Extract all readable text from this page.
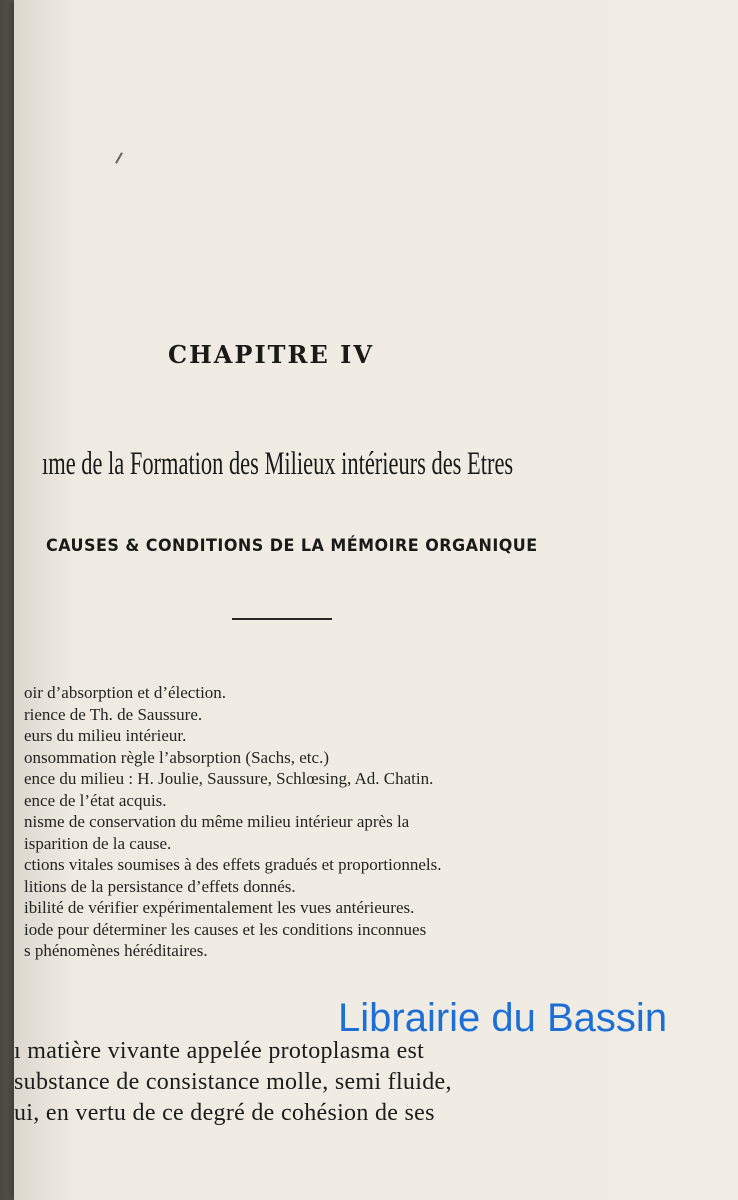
CHAPITRE IV
ıme de la Formation des Milieux intérieurs des Etres
CAUSES & CONDITIONS DE LA MÉMOIRE ORGANIQUE
oir d’absorption et d’élection.
rience de Th. de Saussure.
eurs du milieu intérieur.
onsommation règle l’absorption (Sachs, etc.)
ence du milieu : H. Joulie, Saussure, Schlœsing, Ad. Chatin.
ence de l’état acquis.
nisme de conservation du même milieu intérieur après la
isparition de la cause.
ctions vitales soumises à des effets gradués et proportionnels.
litions de la persistance d’effets donnés.
ibilité de vérifier expérimentalement les vues antérieures.
iode pour déterminer les causes et les conditions inconnues
s phénomènes héréditaires.
Librairie du Bassin
ı matière vivante appelée protoplasma est
substance de consistance molle, semi fluide,
ui, en vertu de ce degré de cohésion de ses
